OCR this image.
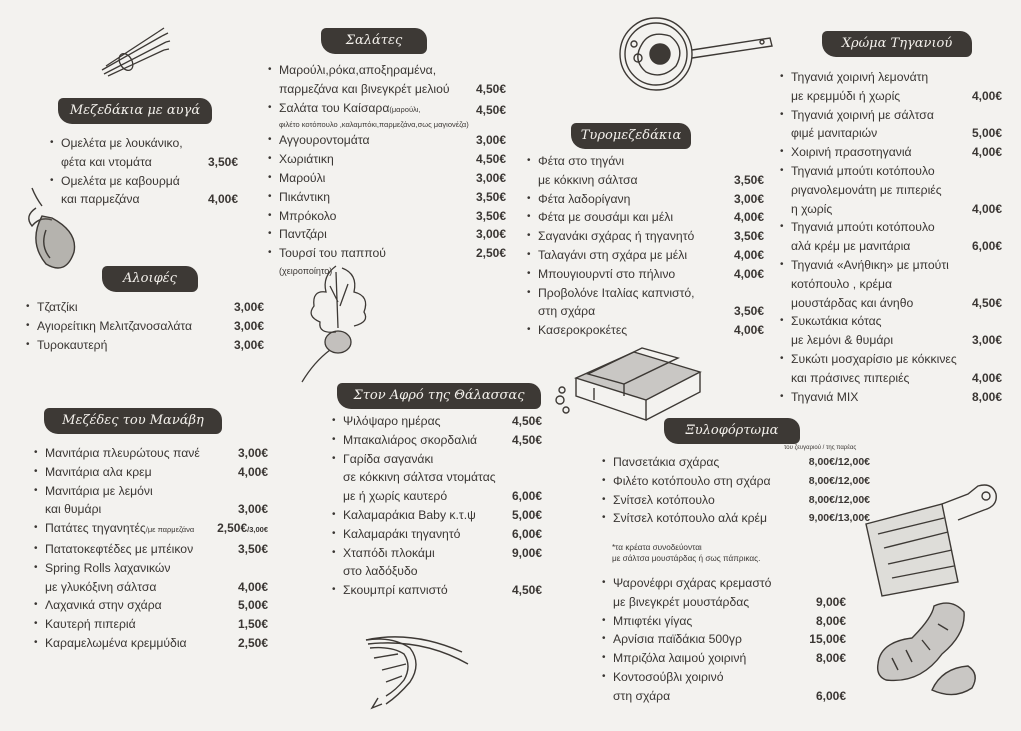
Μεζεδάκια με αυγά
Αλοιφές
Μεζέδες του Μανάβη
Σαλάτες
Στον Αφρό της Θάλασσας
Τυρομεζεδάκια
Ξυλοφόρτωμα
Χρώμα Τηγανιού
• Ομελέτα με λουκάνικο,
φέτα και ντομάτα	3,50€
• Ομελέτα με καβουρμά
και παρμεζάνα	4,00€
• Τζατζίκι	3,00€
• Αγιορείτικη Μελιτζανοσαλάτα	3,00€
• Τυροκαυτερή	3,00€
• Μανιτάρια πλευρώτους πανέ	3,00€
• Μανιτάρια αλα κρεμ	4,00€
• Μανιτάρια με λεμόνι
και θυμάρι	3,00€
• Πατάτες τηγανητές/με παρμεζάνα	2,50€/3,00€
• Πατατοκεφτέδες με μπέικον	3,50€
• Spring Rolls λαχανικών
με γλυκόξινη σάλτσα	4,00€
• Λαχανικά στην σχάρα	5,00€
• Καυτερή πιπεριά	1,50€
• Καραμελωμένα κρεμμύδια	2,50€
• Μαρούλι,ρόκα,αποξηραμένα,
παρμεζάνα και βινεγκρέτ μελιού	4,50€
• Σαλάτα του Καίσαρα(μαρούλι,
φιλέτο κοτόπουλο ,καλαμπόκι,παρμεζάνα,σως μαγιονέζα)
4,50€
• Αγγουροντομάτα	3,00€
• Χωριάτικη	4,50€
• Μαρούλι	3,00€
• Πικάντικη	3,50€
• Μπρόκολο	3,50€
• Παντζάρι	3,00€
• Τουρσί του παππού
(χειροποίητο)
2,50€
• Ψιλόψαρο ημέρας	4,50€
• Μπακαλιάρος σκορδαλιά	4,50€
• Γαρίδα σαγανάκι
σε κόκκινη σάλτσα ντομάτας
με ή χωρίς καυτερό	6,00€
• Καλαμαράκια Baby κ.τ.ψ	5,00€
• Καλαμαράκι τηγανητό	6,00€
• Χταπόδι πλοκάμι
στο λαδόξυδο
9,00€
• Σκουμπρί καπνιστό	4,50€
• Φέτα στο τηγάνι
με κόκκινη σάλτσα	3,50€
• Φέτα λαδορίγανη	3,00€
• Φέτα με σουσάμι και μέλι	4,00€
• Σαγανάκι σχάρας ή τηγανητό	3,50€
• Ταλαγάνι στη σχάρα με μέλι	4,00€
• Μπουγιουρντί στο πήλινο	4,00€
• Προβολόνε Ιταλίας καπνιστό,
στη σχάρα	3,50€
• Κασεροκροκέτες	4,00€
του ζευγαριού / της παρέας
• Πανσετάκια σχάρας	8,00€/12,00€
• Φιλέτο κοτόπουλο στη σχάρα	8,00€/12,00€
• Σνίτσελ κοτόπουλο	8,00€/12,00€
• Σνίτσελ κοτόπουλο αλά κρέμ	9,00€/13,00€
*τα κρέατα συνοδεύονται
με σάλτσα μουστάρδας ή σως πάπρικας.
• Ψαρονέφρι σχάρας κρεμαστό
με βινεγκρέτ μουστάρδας	9,00€
• Μπιφτέκι γίγας	8,00€
• Αρνίσια παϊδάκια 500γρ	15,00€
• Μπριζόλα λαιμού χοιρινή	8,00€
• Κοντοσούβλι χοιρινό
στη σχάρα	6,00€
• Τηγανιά χοιρινή λεμονάτη
με κρεμμύδι ή χωρίς	4,00€
• Τηγανιά χοιρινή με σάλτσα
φιμέ μανιταριών	5,00€
• Χοιρινή πρασοτηγανιά	4,00€
• Τηγανιά μπούτι κοτόπουλο
ριγανολεμονάτη με πιπεριές
η χωρίς	4,00€
• Τηγανιά μπούτι κοτόπουλο
αλά κρέμ με μανιτάρια	6,00€
• Τηγανιά «Ανήθικη» με μπούτι
κοτόπουλο , κρέμα
μουστάρδας και άνηθο	4,50€
• Συκωτάκια κότας
με λεμόνι & θυμάρι	3,00€
• Συκώτι μοσχαρίσιο με κόκκινες
και πράσινες πιπεριές	4,00€
• Τηγανιά MIX	8,00€
